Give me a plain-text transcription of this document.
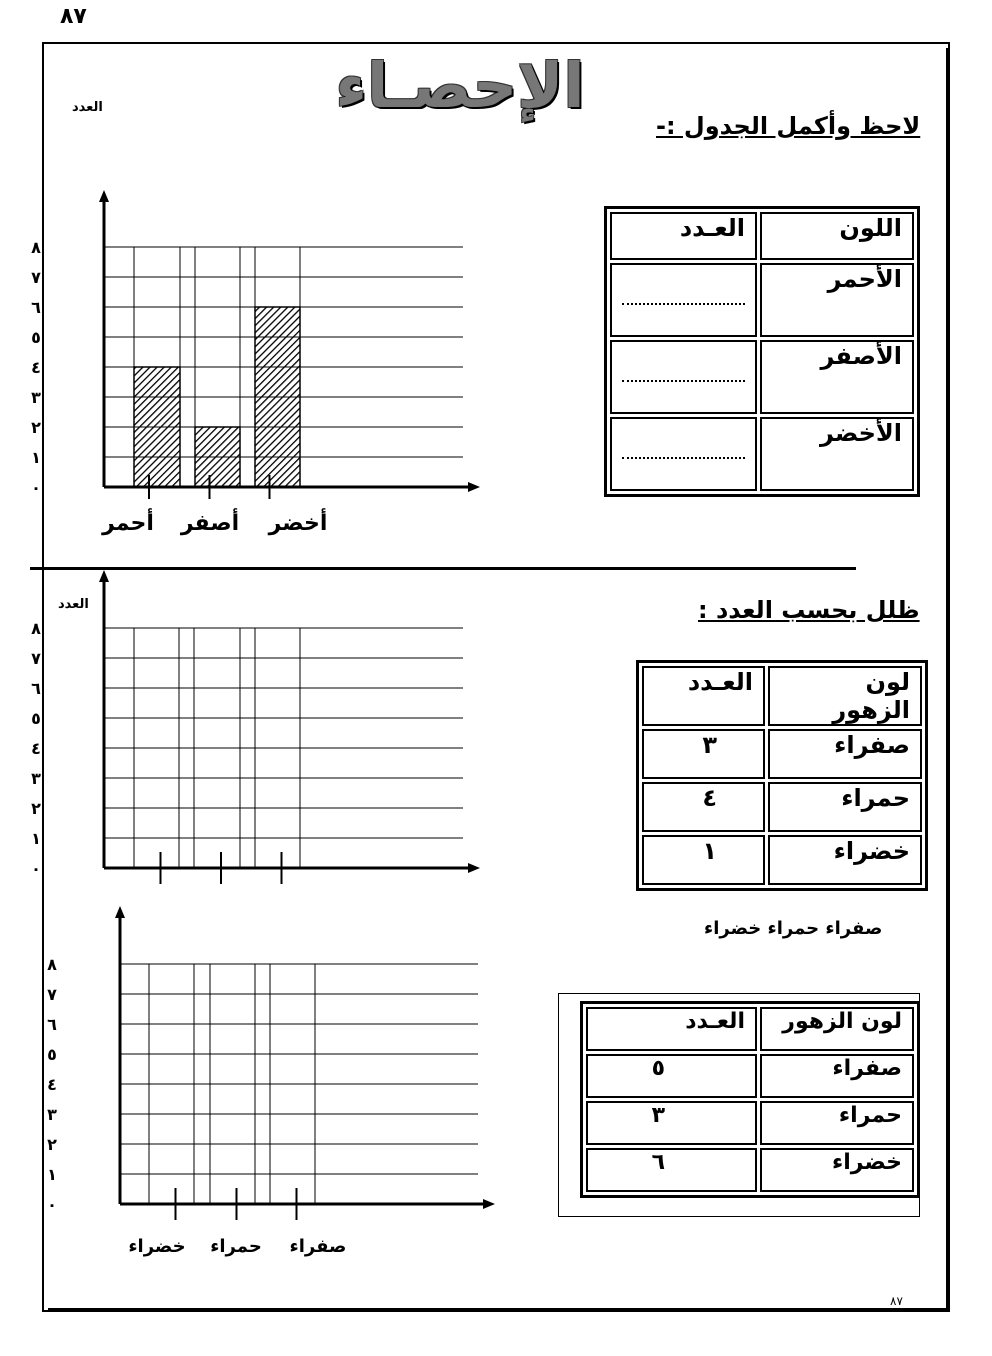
٨٧
الإحصـاء
العدد
لاحظ وأكمل الجدول :-
اللون	العـدد
الأحمر	

الأصفر	

الأخضر	
٠
١
٢
٣
٤
٥
٦
٧
٨
أحمر أصفر أخضر
٠
١
٢
٣
٤
٥
٦
٧
٨
٠
١
٢
٣
٤
٥
٦
٧
٨
صفراء
حمراء
خضراء
العدد	ظلل بحسب العدد :
لون الزهور	العـدد
صفراء	٣
حمراء	٤
خضراء	١
صفراء حمراء خضراء
لون الزهور	العـدد
صفراء	٥
حمراء	٣
خضراء	٦
٨٧
